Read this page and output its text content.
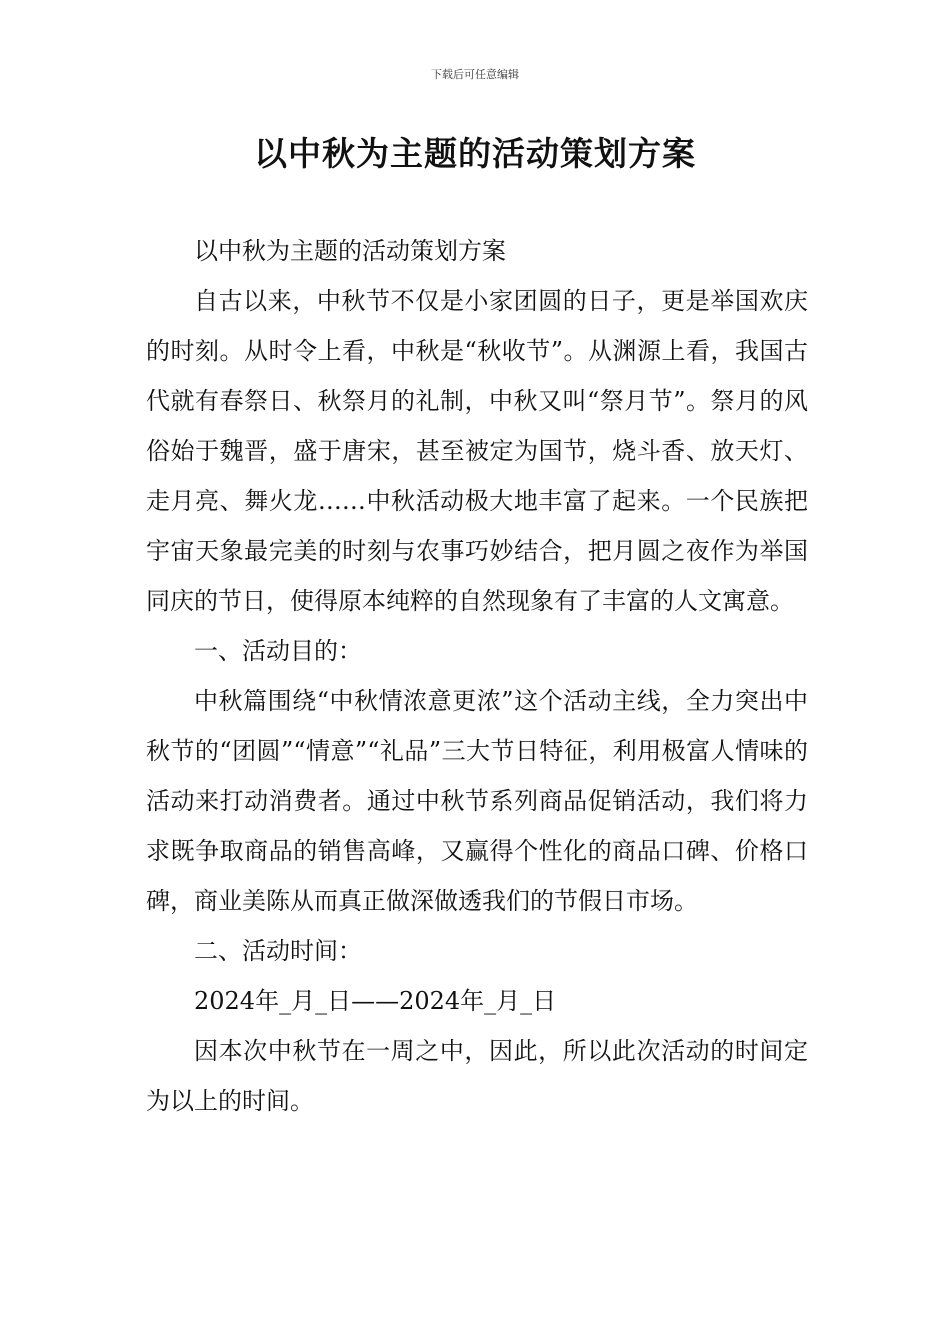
下载后可任意编辑
以中秋为主题的活动策划方案

以中秋为主题的活动策划方案

自古以来，中秋节不仅是小家团圆的日子，更是举国欢庆的时刻。从时令上看，中秋是“秋收节”。从渊源上看，我国古代就有春祭日、秋祭月的礼制，中秋又叫“祭月节”。祭月的风俗始于魏晋，盛于唐宋，甚至被定为国节，烧斗香、放天灯、走月亮、舞火龙……中秋活动极大地丰富了起来。一个民族把宇宙天象最完美的时刻与农事巧妙结合，把月圆之夜作为举国同庆的节日，使得原本纯粹的自然现象有了丰富的人文寓意。

一、活动目的：

中秋篇围绕“中秋情浓意更浓”这个活动主线，全力突出中秋节的“团圆”“情意”“礼品”三大节日特征，利用极富人情味的活动来打动消费者。通过中秋节系列商品促销活动，我们将力求既争取商品的销售高峰，又赢得个性化的商品口碑、价格口碑，商业美陈从而真正做深做透我们的节假日市场。

二、活动时间：

2024年_月_日——2024年_月_日

因本次中秋节在一周之中，因此，所以此次活动的时间定为以上的时间。
